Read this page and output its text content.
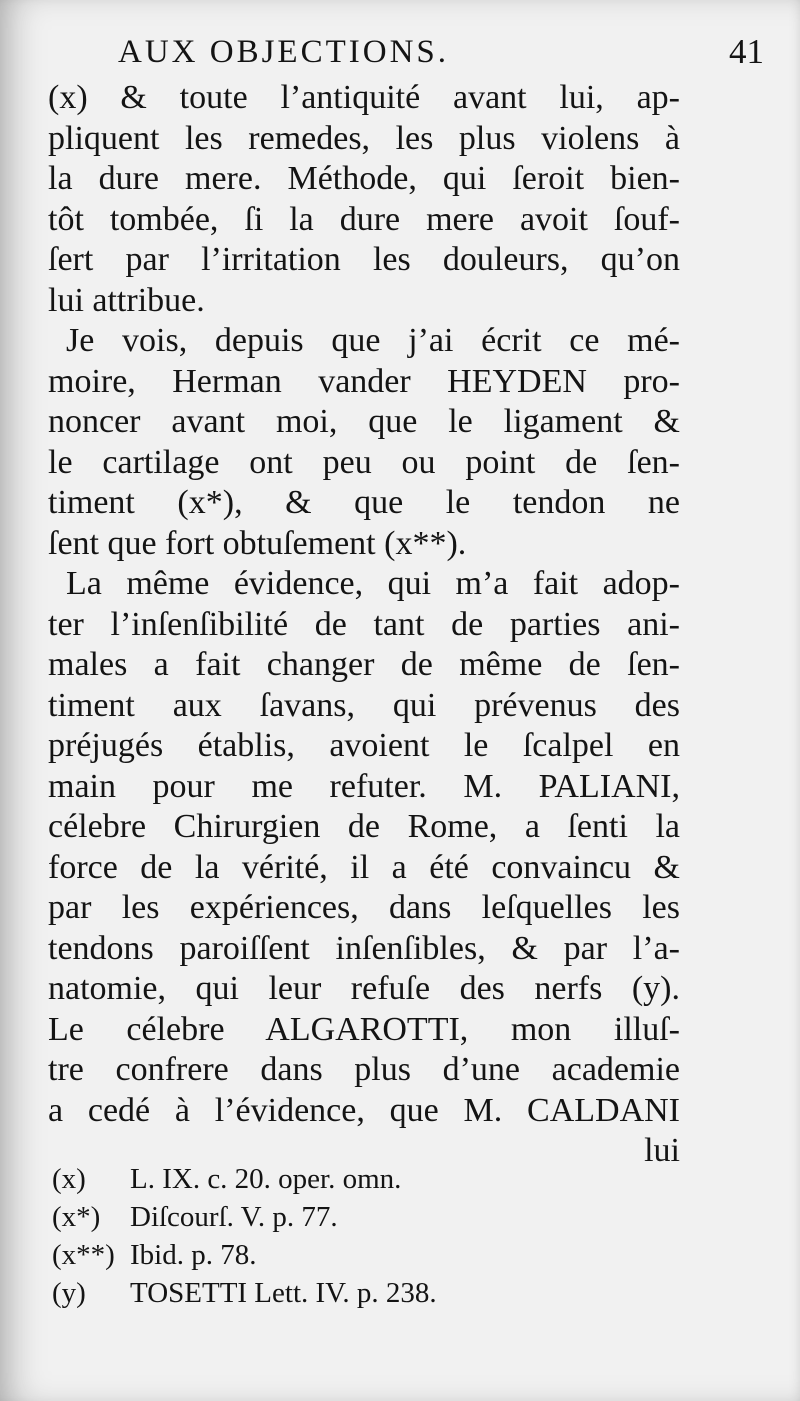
AUX OBJECTIONS.	41
(x) & toute l’antiquité avant lui, ap-
pliquent les remedes, les plus violens à
la dure mere. Méthode, qui ſeroit bien-
tôt tombée, ſi la dure mere avoit ſouf-
ſert par l’irritation les douleurs, qu’on
lui attribue.
Je vois, depuis que j’ai écrit ce mé-
moire, Herman vander HEYDEN pro-
noncer avant moi, que le ligament &
le cartilage ont peu ou point de ſen-
timent (x*), & que le tendon ne
ſent que fort obtuſement (x**).
La même évidence, qui m’a fait adop-
ter l’inſenſibilité de tant de parties ani-
males a fait changer de même de ſen-
timent aux ſavans, qui prévenus des
préjugés établis, avoient le ſcalpel en
main pour me refuter. M. PALIANI,
célebre Chirurgien de Rome, a ſenti la
force de la vérité, il a été convaincu &
par les expériences, dans leſquelles les
tendons paroiſſent inſenſibles, & par l’a-
natomie, qui leur refuſe des nerfs (y).
Le célebre ALGAROTTI, mon illuſ-
tre confrere dans plus d’une academie
a cedé à l’évidence, que M. CALDANI
lui
(x) L. IX. c. 20. oper. omn.
(x*) Diſcourſ. V. p. 77.
(x**) Ibid. p. 78.
(y) TOSETTI Lett. IV. p. 238.
